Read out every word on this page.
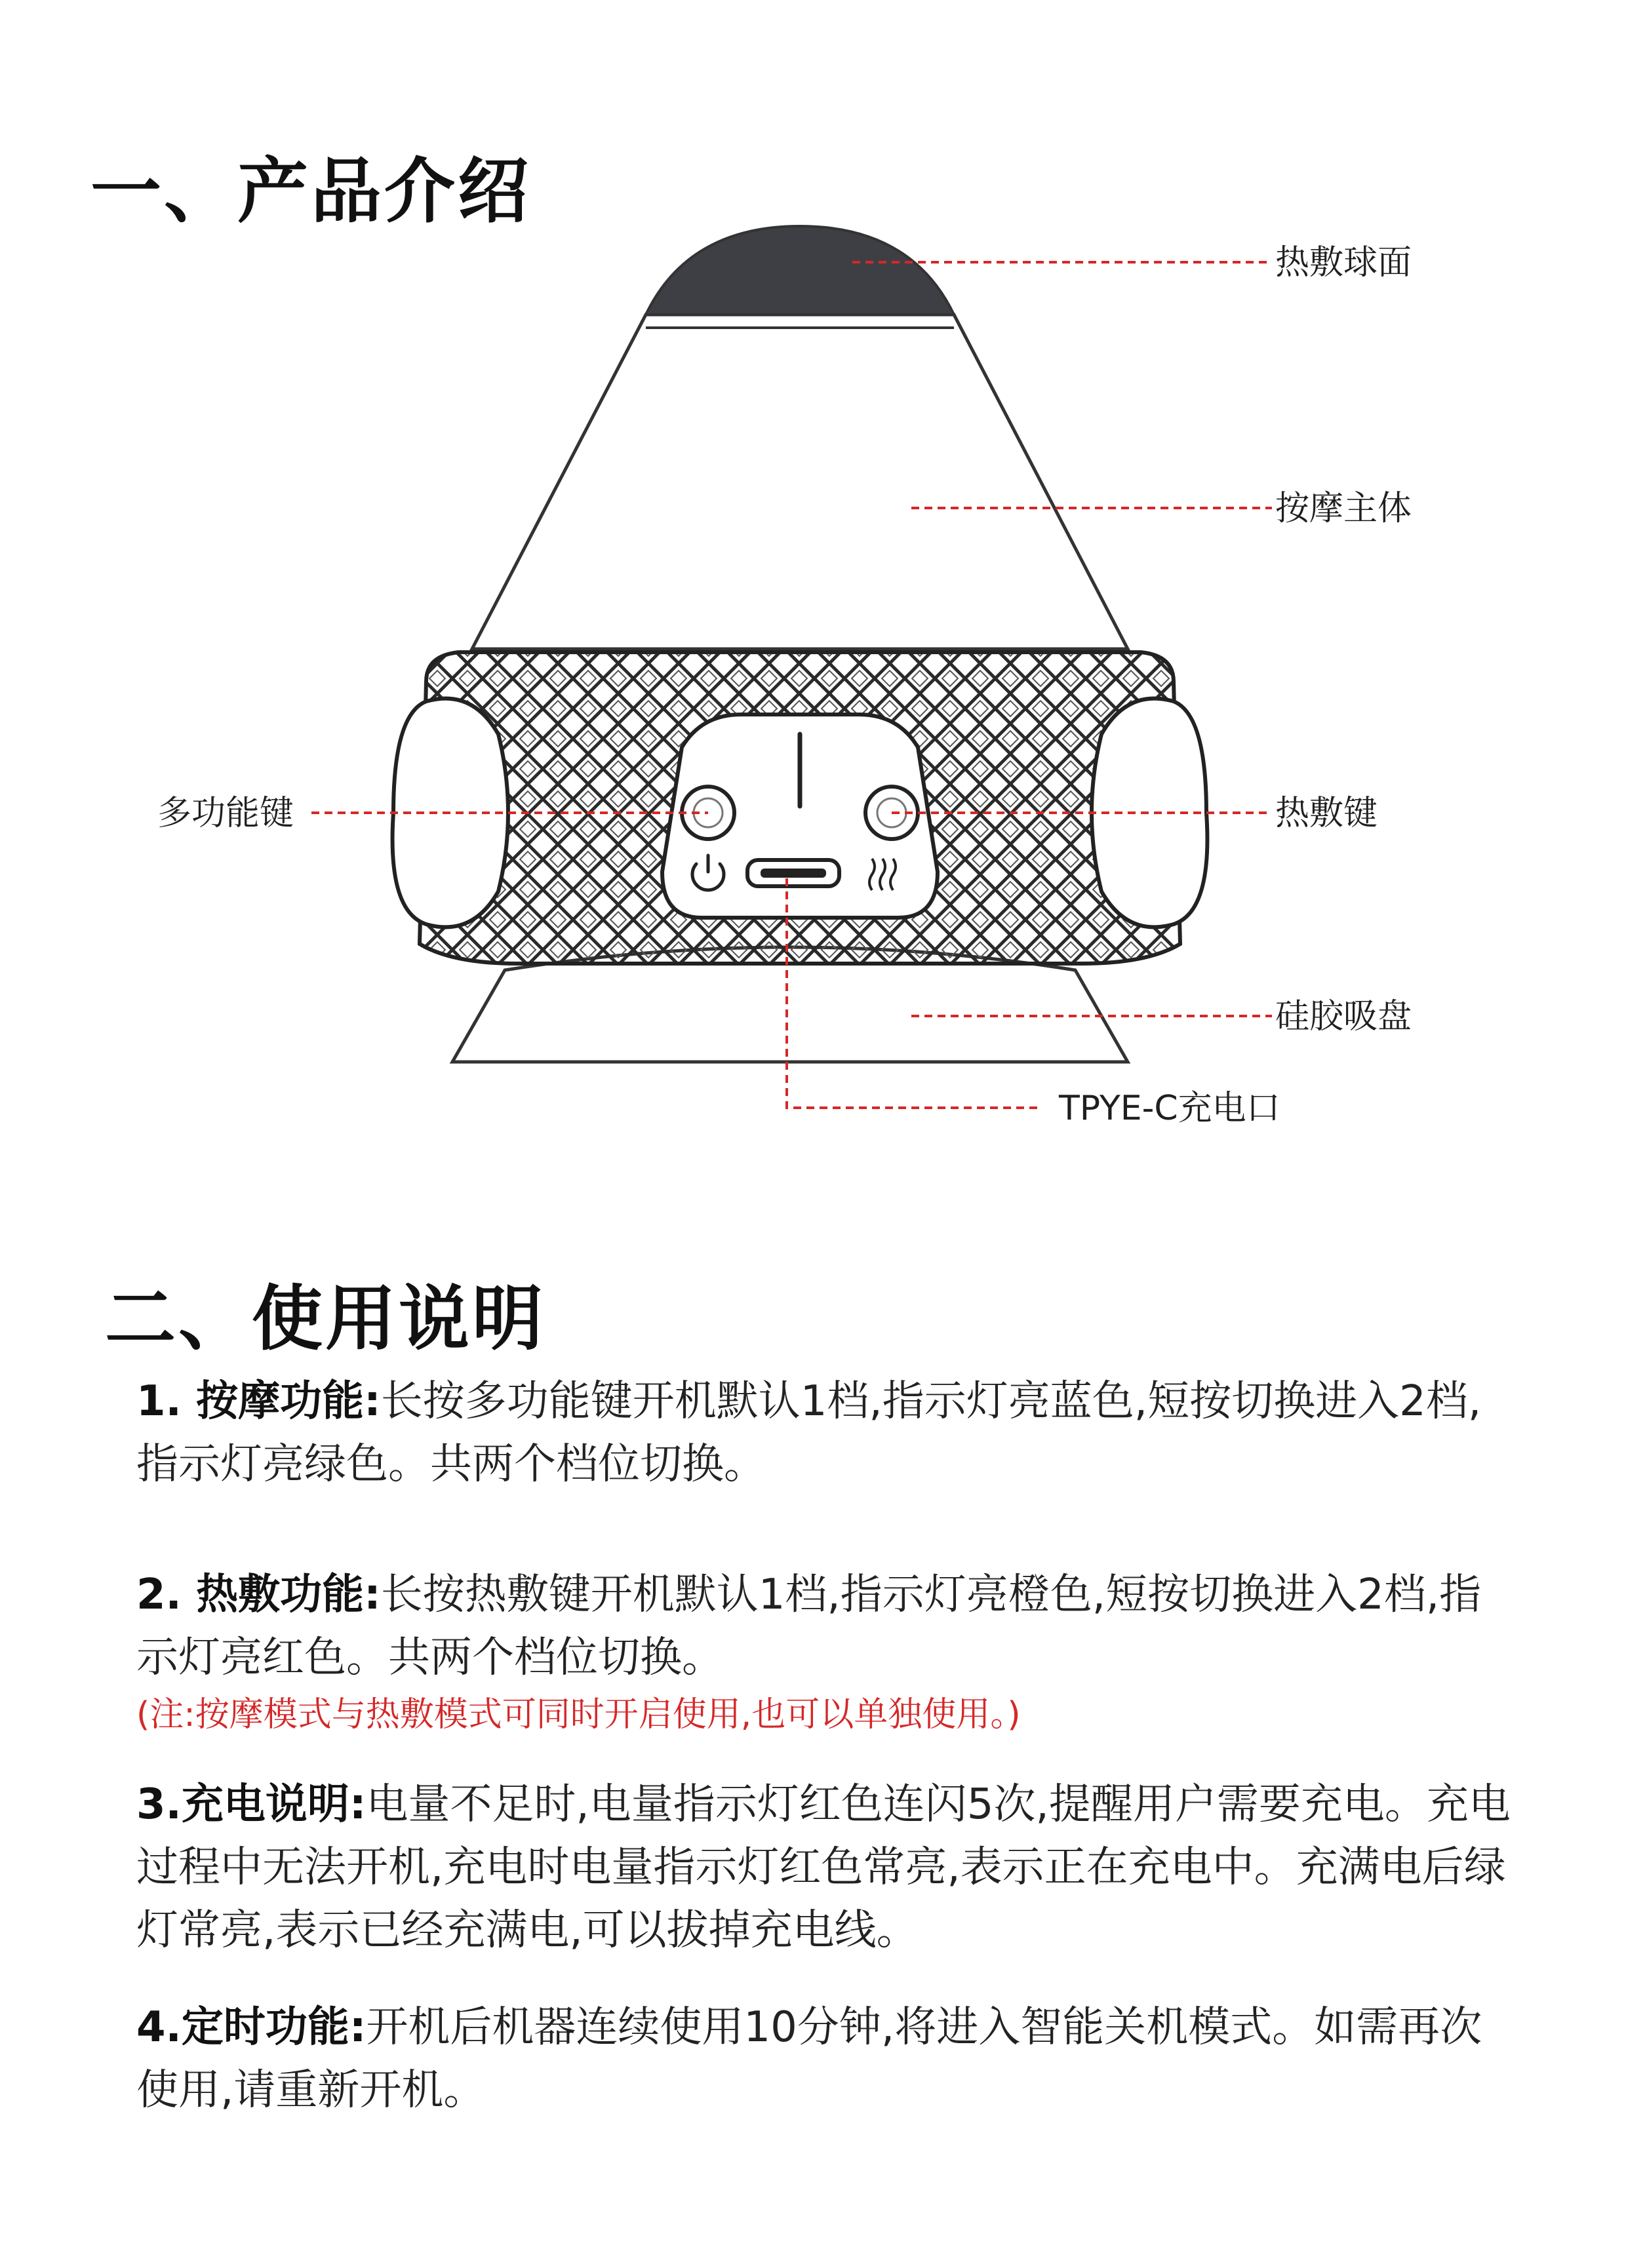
一、产品介绍
热敷球面
按摩主体
多功能键	热敷键
硅胶吸盘
TPYE-C充电口
二、使用说明
1. 按摩功能:长按多功能键开机默认1档,指示灯亮蓝色,短按切换进入2档,指示灯亮绿色。共两个档位切换。
2. 热敷功能:长按热敷键开机默认1档,指示灯亮橙色,短按切换进入2档,指示灯亮红色。共两个档位切换。
(注:按摩模式与热敷模式可同时开启使用,也可以单独使用。)
3.充电说明:电量不足时,电量指示灯红色连闪5次,提醒用户需要充电。充电过程中无法开机,充电时电量指示灯红色常亮,表示正在充电中。充满电后绿灯常亮,表示已经充满电,可以拔掉充电线。
4.定时功能:开机后机器连续使用10分钟,将进入智能关机模式。如需再次使用,请重新开机。
